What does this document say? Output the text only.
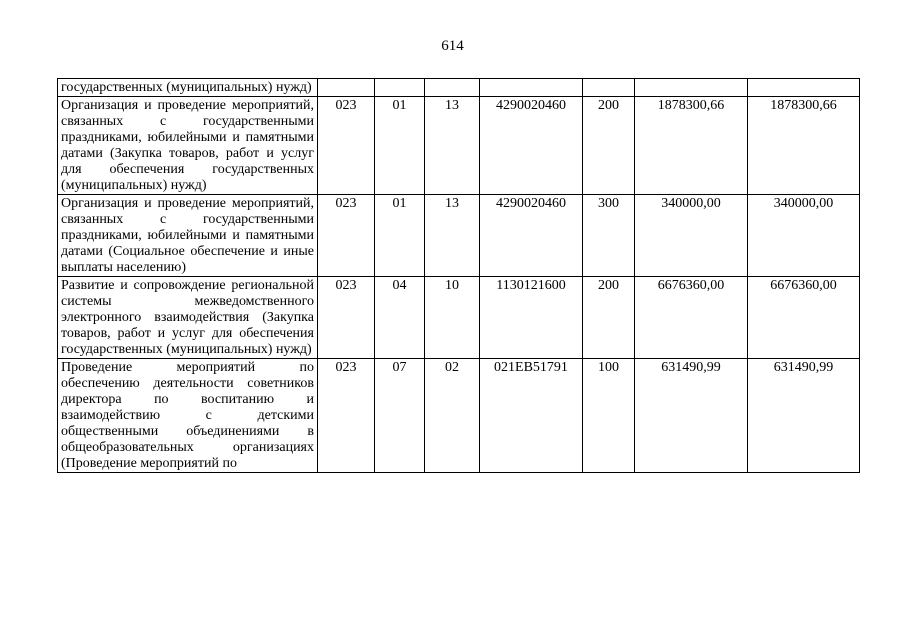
614
государственных (муниципальных) нужд)							
Организация и проведение мероприятий, связанных с государственными праздниками, юбилейными и памятными датами (Закупка товаров, работ и услуг для обеспечения государственных (муниципальных) нужд)	023	01	13	4290020460	200	1878300,66	1878300,66
Организация и проведение мероприятий, связанных с государственными праздниками, юбилейными и памятными датами (Социальное обеспечение и иные выплаты населению)	023	01	13	4290020460	300	340000,00	340000,00
Развитие и сопровождение региональной системы межведомственного электронного взаимодействия (Закупка товаров, работ и услуг для обеспечения государственных (муниципальных) нужд)	023	04	10	1130121600	200	6676360,00	6676360,00
Проведение мероприятий по обеспечению деятельности советников директора по воспитанию и взаимодействию с детскими общественными объединениями в общеобразовательных организациях (Проведение мероприятий по	023	07	02	021ЕВ51791	100	631490,99	631490,99
